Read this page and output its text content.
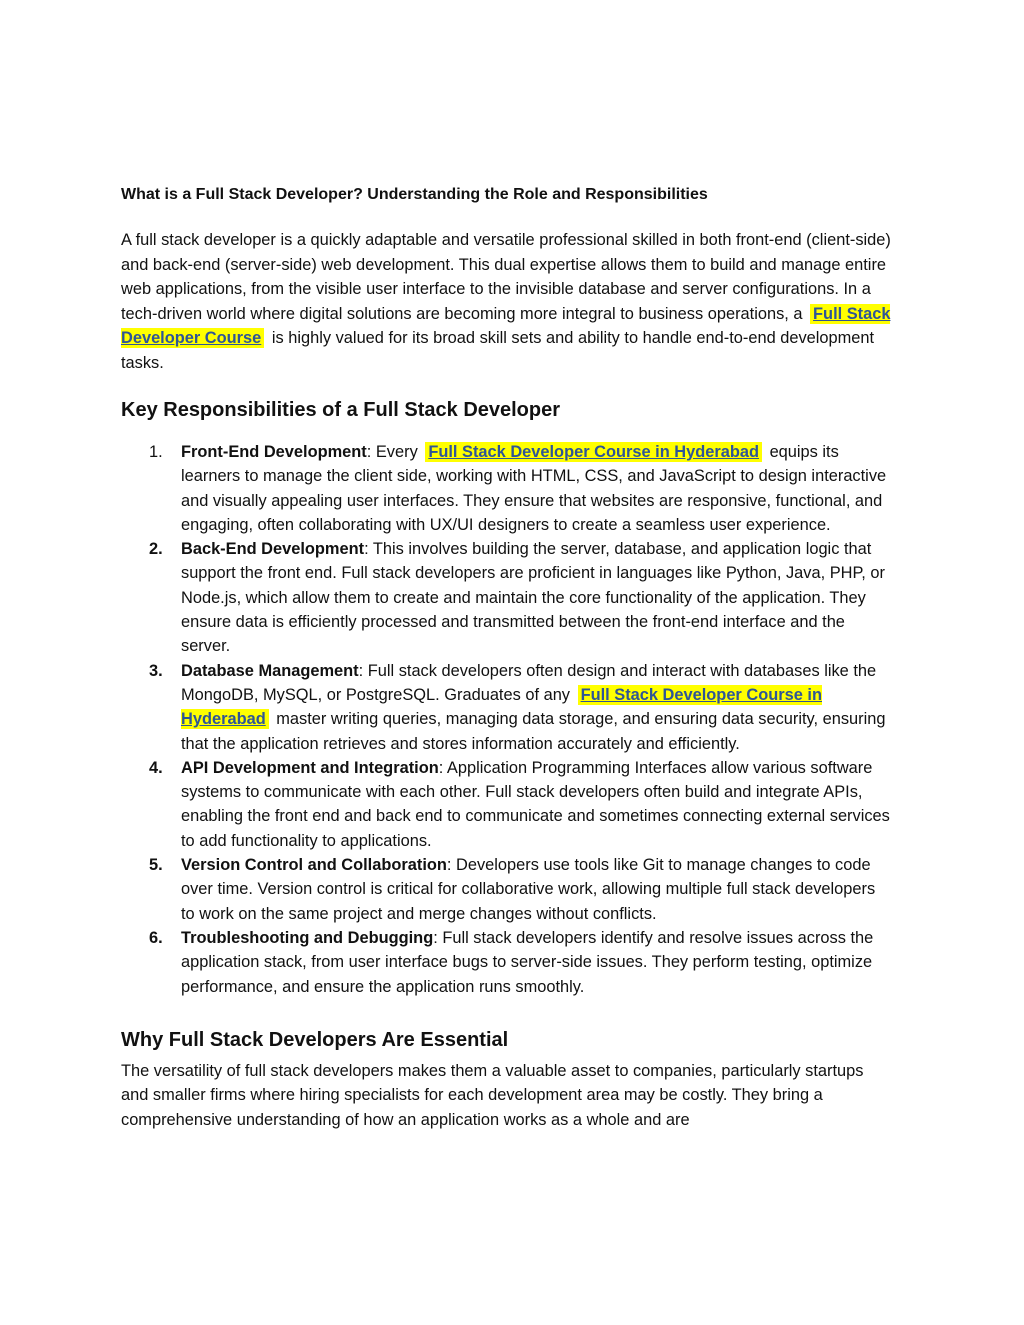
What is a Full Stack Developer? Understanding the Role and Responsibilities

A full stack developer is a quickly adaptable and versatile professional skilled in both front-end (client-side) and back-end (server-side) web development. This dual expertise allows them to build and manage entire web applications, from the visible user interface to the invisible database and server configurations. In a tech-driven world where digital solutions are becoming more integral to business operations, a Full Stack Developer Course is highly valued for its broad skill sets and ability to handle end-to-end development tasks.

Key Responsibilities of a Full Stack Developer
1.	Front-End Development: Every Full Stack Developer Course in Hyderabad equips its learners to manage the client side, working with HTML, CSS, and JavaScript to design interactive and visually appealing user interfaces. They ensure that websites are responsive, functional, and engaging, often collaborating with UX/UI designers to create a seamless user experience.
2.	Back-End Development: This involves building the server, database, and application logic that support the front end. Full stack developers are proficient in languages like Python, Java, PHP, or Node.js, which allow them to create and maintain the core functionality of the application. They ensure data is efficiently processed and transmitted between the front-end interface and the server.
3.	Database Management: Full stack developers often design and interact with databases like the MongoDB, MySQL, or PostgreSQL. Graduates of any Full Stack Developer Course in Hyderabad master writing queries, managing data storage, and ensuring data security, ensuring that the application retrieves and stores information accurately and efficiently.
4.	API Development and Integration: Application Programming Interfaces allow various software systems to communicate with each other. Full stack developers often build and integrate APIs, enabling the front end and back end to communicate and sometimes connecting external services to add functionality to applications.
5.	Version Control and Collaboration: Developers use tools like Git to manage changes to code over time. Version control is critical for collaborative work, allowing multiple full stack developers to work on the same project and merge changes without conflicts.
6.	Troubleshooting and Debugging: Full stack developers identify and resolve issues across the application stack, from user interface bugs to server-side issues. They perform testing, optimize performance, and ensure the application runs smoothly.
Why Full Stack Developers Are Essential

The versatility of full stack developers makes them a valuable asset to companies, particularly startups and smaller firms where hiring specialists for each development area may be costly. They bring a comprehensive understanding of how an application works as a whole and are
